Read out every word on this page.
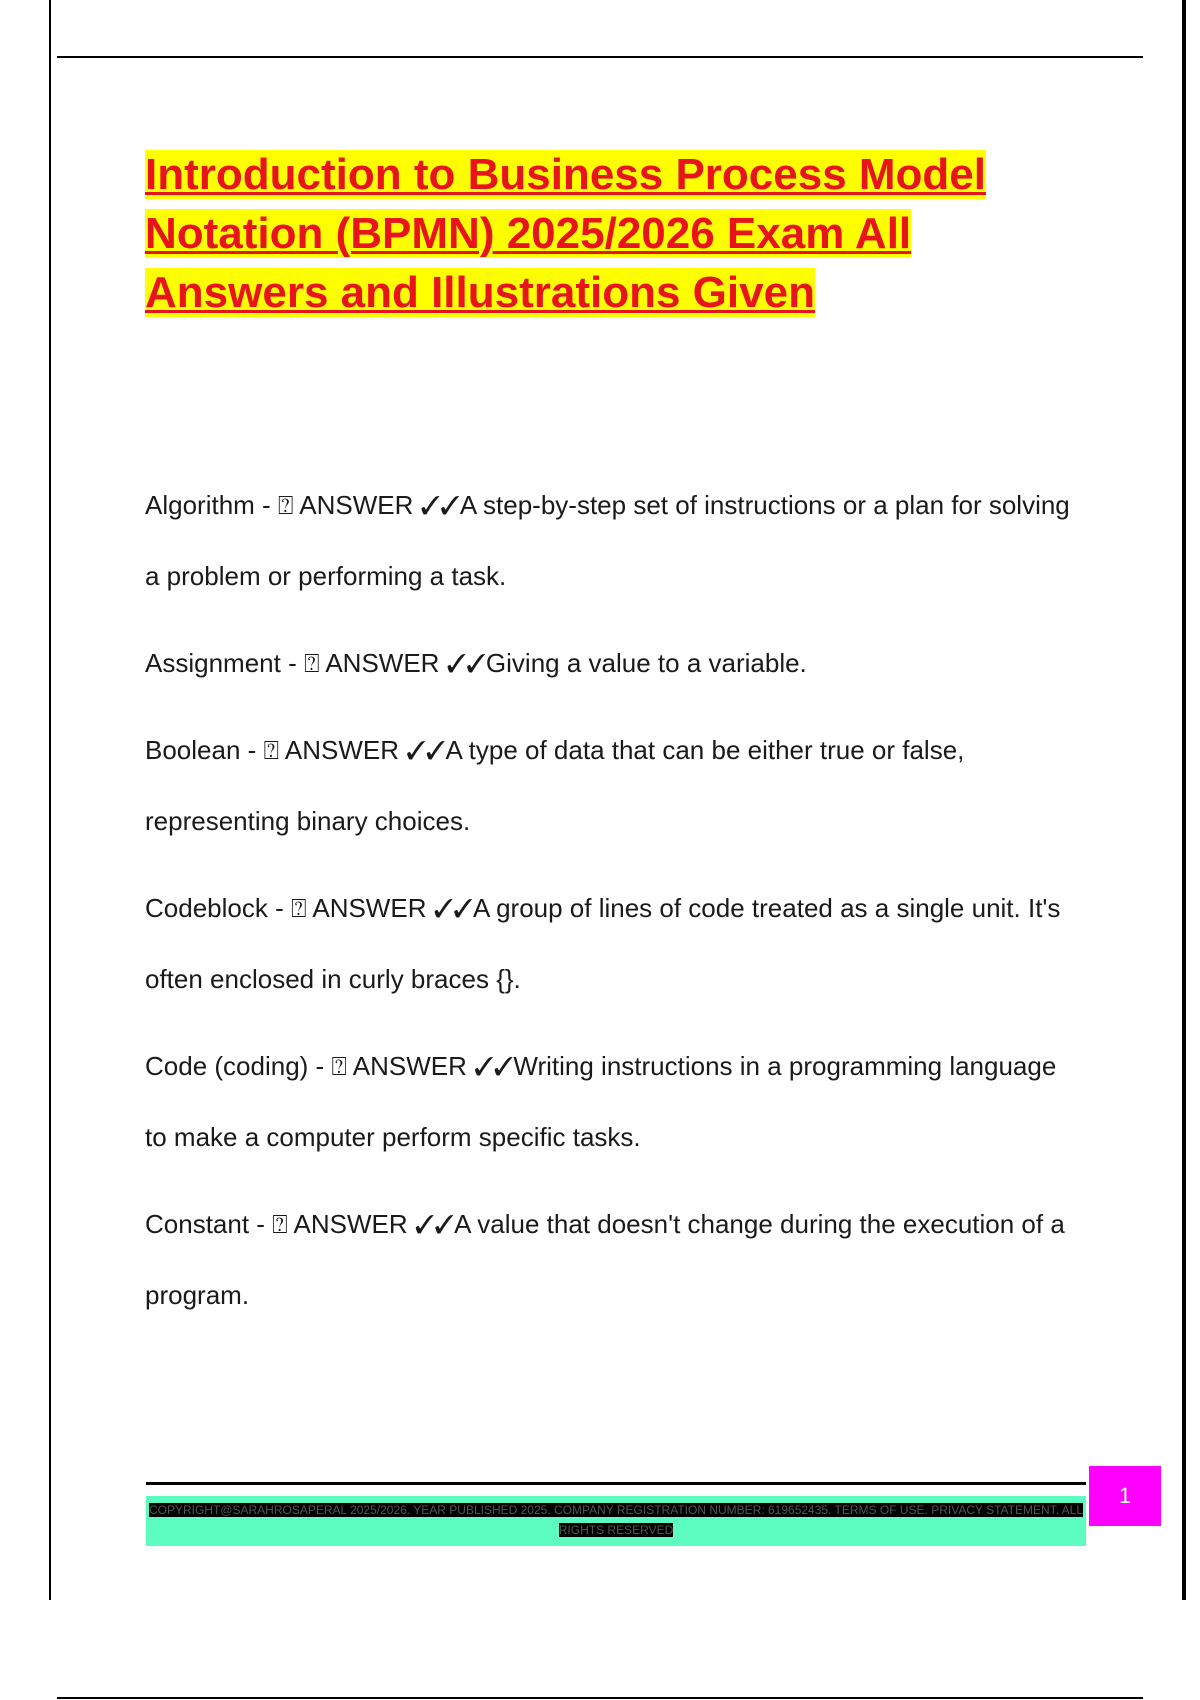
Introduction to Business Process Model Notation (BPMN) 2025/2026 Exam All Answers and Illustrations Given

Algorithm - ⍰ ANSWER ✓✓A step-by-step set of instructions or a plan for solving a problem or performing a task.

Assignment - ⍰ ANSWER ✓✓Giving a value to a variable.

Boolean - ⍰ ANSWER ✓✓A type of data that can be either true or false, representing binary choices.

Codeblock - ⍰ ANSWER ✓✓A group of lines of code treated as a single unit. It's often enclosed in curly braces {}.

Code (coding) - ⍰ ANSWER ✓✓Writing instructions in a programming language to make a computer perform specific tasks.

Constant - ⍰ ANSWER ✓✓A value that doesn't change during the execution of a program.

COPYRIGHT@SARAHROSAPERAL 2025/2026. YEAR PUBLISHED 2025. COMPANY REGISTRATION NUMBER: 619652435. TERMS OF USE. PRIVACY STATEMENT. ALL RIGHTS RESERVED
1
